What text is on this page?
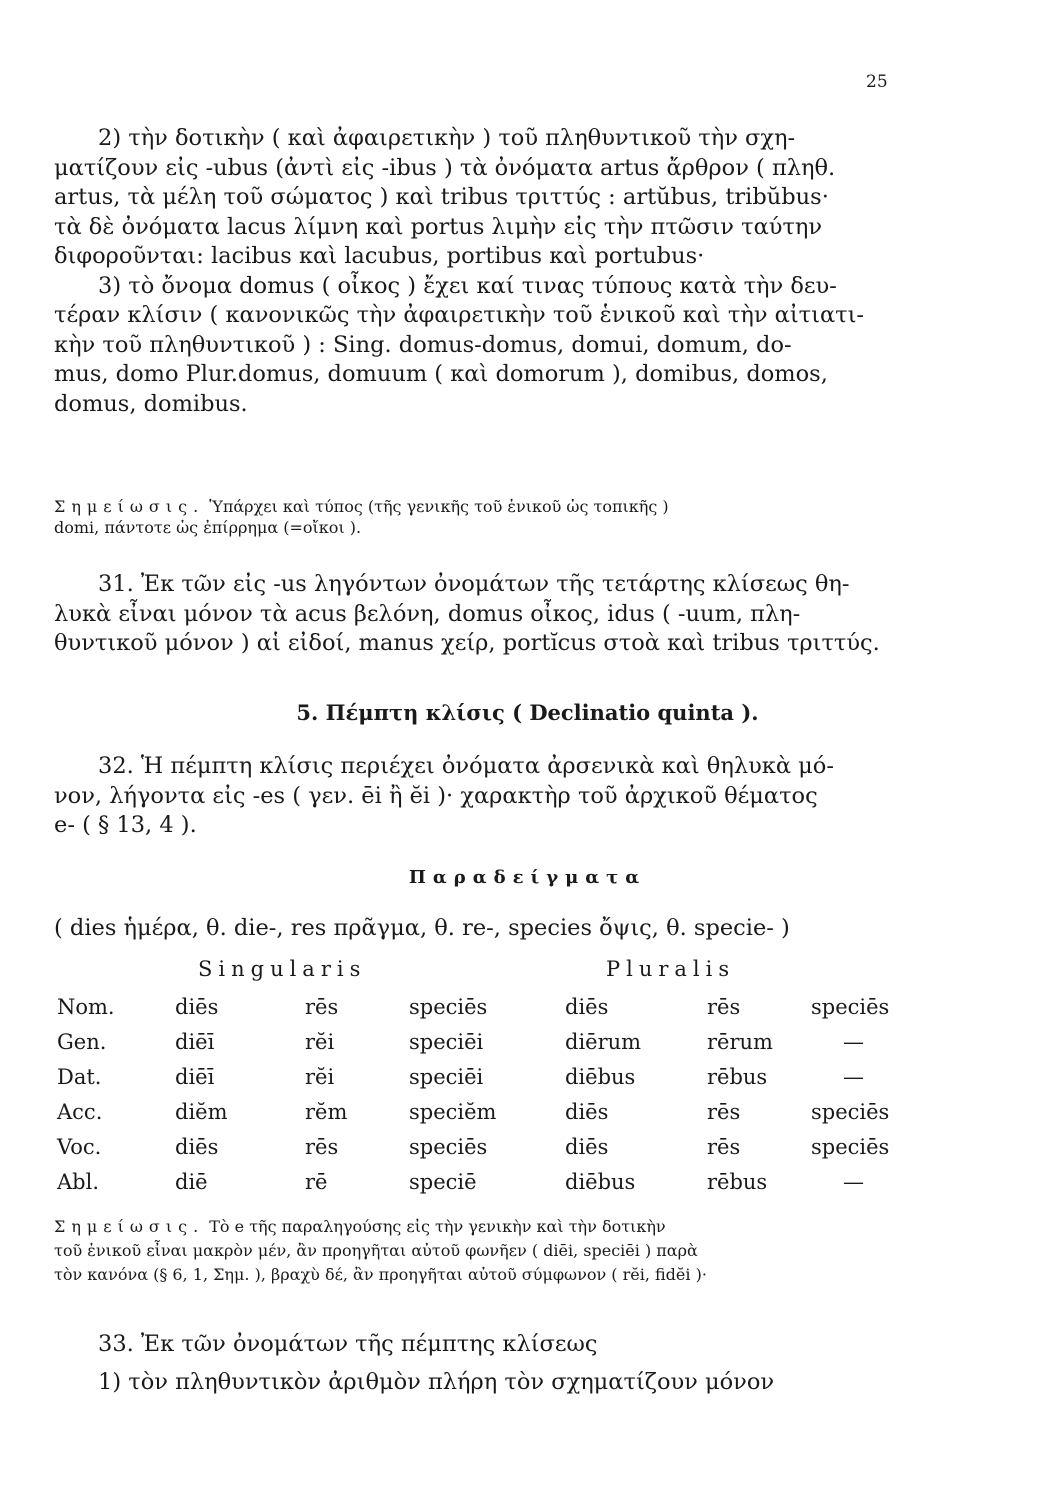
25
2) τὴν δοτικὴν ( καὶ ἀφαιρετικὴν ) τοῦ πληθυντικοῦ τὴν σχη-
ματίζουν εἰς -ubus (ἀντὶ εἰς -ibus ) τὰ ὀνόματα artus ἄρθρον ( πληθ.
artus, τὰ μέλη τοῦ σώματος ) καὶ tribus τριττύς : artŭbus, tribŭbus·
τὰ δὲ ὀνόματα lacus λίμνη καὶ portus λιμὴν εἰς τὴν πτῶσιν ταύτην
διφοροῦνται: lacibus καὶ lacubus, portibus καὶ portubus·
3) τὸ ὄνομα domus ( οἶκος ) ἔχει καί τινας τύπους κατὰ τὴν δευ-
τέραν κλίσιν ( κανονικῶς τὴν ἀφαιρετικὴν τοῦ ἑνικοῦ καὶ τὴν αἰτιατι-
κὴν τοῦ πληθυντικοῦ ) : Sing. domus-domus, domui, domum, do-
mus, domo Plur.domus, domuum ( καὶ domorum ), domibus, domos,
domus, domibus.
Σημείωσις. Ὑπάρχει καὶ τύπος (τῆς γενικῆς τοῦ ἑνικοῦ ὡς τοπικῆς )
domi, πάντοτε ὡς ἐπίρρημα (=οἴκοι ).
31. Ἐκ τῶν εἰς -us ληγόντων ὀνομάτων τῆς τετάρτης κλίσεως θη-
λυκὰ εἶναι μόνον τὰ acus βελόνη, domus οἶκος, idus ( -uum, πλη-
θυντικοῦ μόνον ) αἱ εἰδοί, manus χείρ, portĭcus στοὰ καὶ tribus τριττύς.
5. Πέμπτη κλίσις ( Declinatio quinta ).
32. Ἡ πέμπτη κλίσις περιέχει ὀνόματα ἀρσενικὰ καὶ θηλυκὰ μό-
νον, λήγοντα εἰς -es ( γεν. ēi ἢ ĕi )· χαρακτὴρ τοῦ ἀρχικοῦ θέματος
e- ( § 13, 4 ).
Παραδείγματα
( dies ἡμέρα, θ. die-, res πρᾶγμα, θ. re-, species ὄψις, θ. specie- )
Singularis	Pluralis
Nom.	diēs	rēs	speciēs	diēs	rēs	speciēs
Gen.	diēī	rĕi	speciēi	diērum	rērum	—
Dat.	diēī	rĕi	speciēi	diēbus	rēbus	—
Acc.	diĕm	rĕm	speciĕm	diēs	rēs	speciēs
Voc.	diēs	rēs	speciēs	diēs	rēs	speciēs
Abl.	diē	rē	speciē	diēbus	rēbus	—
Σημείωσις. Τὸ e τῆς παραληγούσης εἰς τὴν γενικὴν καὶ τὴν δοτικὴν
τοῦ ἑνικοῦ εἶναι μακρὸν μέν, ἂν προηγῆται αὐτοῦ φωνῆεν ( diēi, speciēi ) παρὰ
τὸν κανόνα (§ 6, 1, Σημ. ), βραχὺ δέ, ἂν προηγῆται αὐτοῦ σύμφωνον ( rĕi, fidĕi )·
33. Ἐκ τῶν ὀνομάτων τῆς πέμπτης κλίσεως
1) τὸν πληθυντικὸν ἀριθμὸν πλήρη τὸν σχηματίζουν μόνον
